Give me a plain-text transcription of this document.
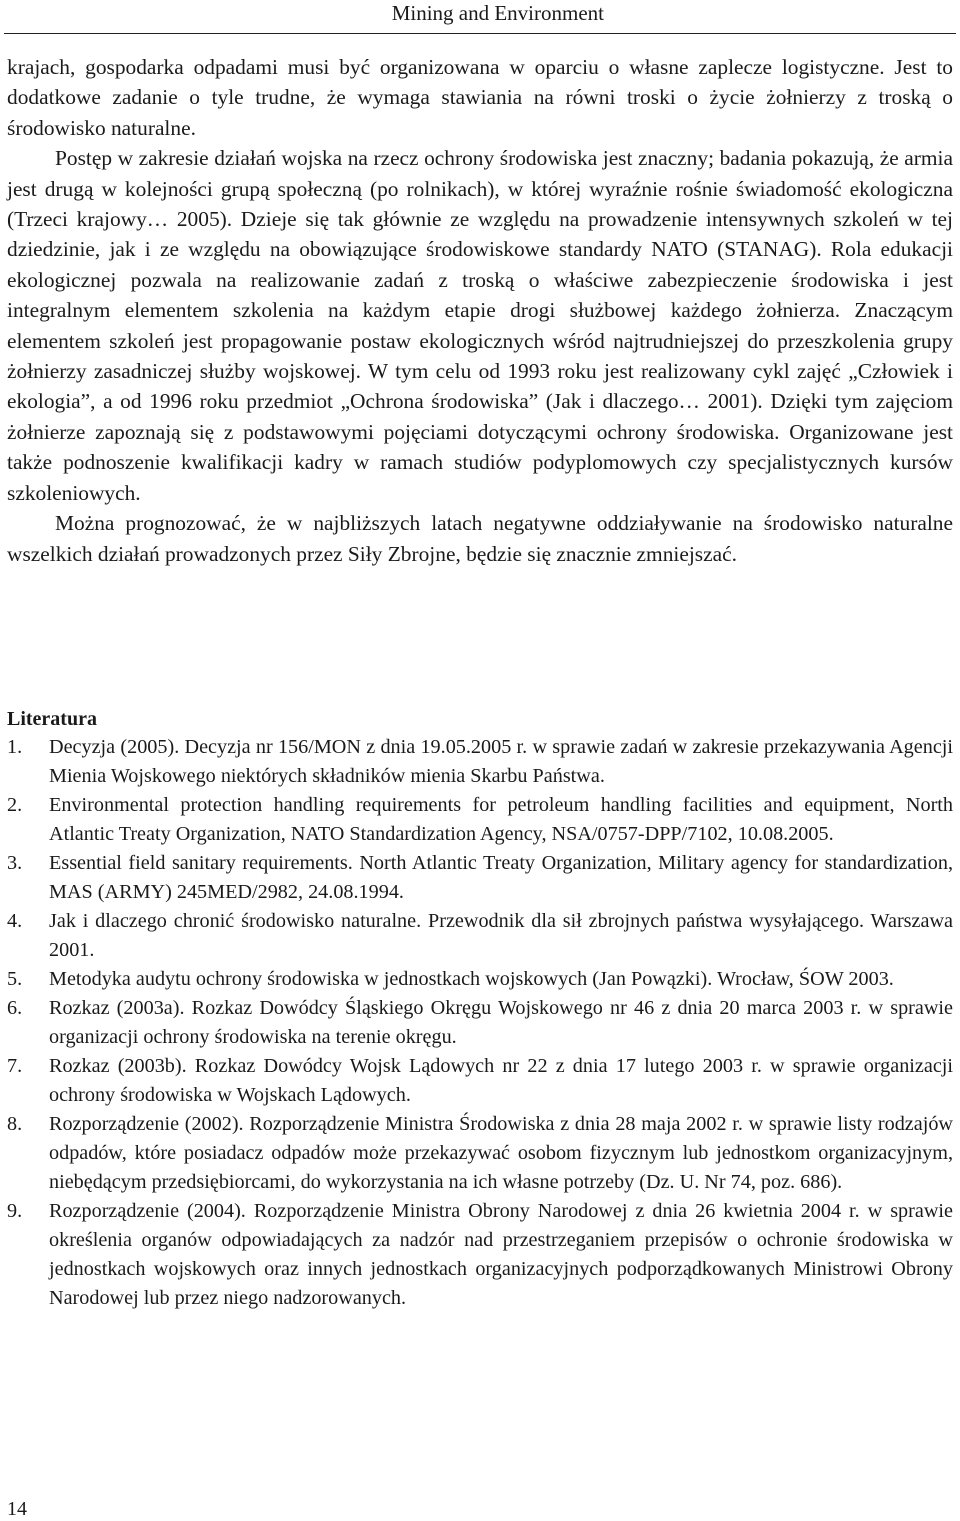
Mining and Environment

krajach, gospodarka odpadami musi być organizowana w oparciu o własne zaplecze logistyczne. Jest to dodatkowe zadanie o tyle trudne, że wymaga stawiania na równi troski o życie żołnierzy z troską o środowisko naturalne.

Postęp w zakresie działań wojska na rzecz ochrony środowiska jest znaczny; badania pokazują, że armia jest drugą w kolejności grupą społeczną (po rolnikach), w której wyraźnie rośnie świadomość ekologiczna (Trzeci krajowy… 2005). Dzieje się tak głównie ze względu na prowadzenie intensywnych szkoleń w tej dziedzinie, jak i ze względu na obowiązujące środowiskowe standardy NATO (STANAG). Rola edukacji ekologicznej pozwala na realizowanie zadań z troską o właściwe zabezpieczenie środowiska i jest integralnym elementem szkolenia na każdym etapie drogi służbowej każdego żołnierza. Znaczącym elementem szkoleń jest propagowanie postaw ekologicznych wśród najtrudniejszej do przeszkolenia grupy żołnierzy zasadniczej służby wojskowej. W tym celu od 1993 roku jest realizowany cykl zajęć „Człowiek i ekologia”, a od 1996 roku przedmiot „Ochrona środowiska” (Jak i dlaczego… 2001). Dzięki tym zajęciom żołnierze zapoznają się z podstawowymi pojęciami dotyczącymi ochrony środowiska. Organizowane jest także podnoszenie kwalifikacji kadry w ramach studiów podyplomowych czy specjalistycznych kursów szkoleniowych.

Można prognozować, że w najbliższych latach negatywne oddziaływanie na środowisko naturalne wszelkich działań prowadzonych przez Siły Zbrojne, będzie się znacznie zmniejszać.

Literatura
1. Decyzja (2005). Decyzja nr 156/MON z dnia 19.05.2005 r. w sprawie zadań w zakresie przekazywania Agencji Mienia Wojskowego niektórych składników mienia Skarbu Państwa.
2. Environmental protection handling requirements for petroleum handling facilities and equipment, North Atlantic Treaty Organization, NATO Standardization Agency, NSA/0757-DPP/7102, 10.08.2005.
3. Essential field sanitary requirements. North Atlantic Treaty Organization, Military agency for standardization, MAS (ARMY) 245MED/2982, 24.08.1994.
4. Jak i dlaczego chronić środowisko naturalne. Przewodnik dla sił zbrojnych państwa wysyłającego. Warszawa 2001.
5. Metodyka audytu ochrony środowiska w jednostkach wojskowych (Jan Powązki). Wrocław, ŚOW 2003.
6. Rozkaz (2003a). Rozkaz Dowódcy Śląskiego Okręgu Wojskowego nr 46 z dnia 20 marca 2003 r. w sprawie organizacji ochrony środowiska na terenie okręgu.
7. Rozkaz (2003b). Rozkaz Dowódcy Wojsk Lądowych nr 22 z dnia 17 lutego 2003 r. w sprawie organizacji ochrony środowiska w Wojskach Lądowych.
8. Rozporządzenie (2002). Rozporządzenie Ministra Środowiska z dnia 28 maja 2002 r. w sprawie listy rodzajów odpadów, które posiadacz odpadów może przekazywać osobom fizycznym lub jednostkom organizacyjnym, niebędącym przedsiębiorcami, do wykorzystania na ich własne potrzeby (Dz. U. Nr 74, poz. 686).
9. Rozporządzenie (2004). Rozporządzenie Ministra Obrony Narodowej z dnia 26 kwietnia 2004 r. w sprawie określenia organów odpowiadających za nadzór nad przestrzeganiem przepisów o ochronie środowiska w jednostkach wojskowych oraz innych jednostkach organizacyjnych podporządkowanych Ministrowi Obrony Narodowej lub przez niego nadzorowanych.
14
